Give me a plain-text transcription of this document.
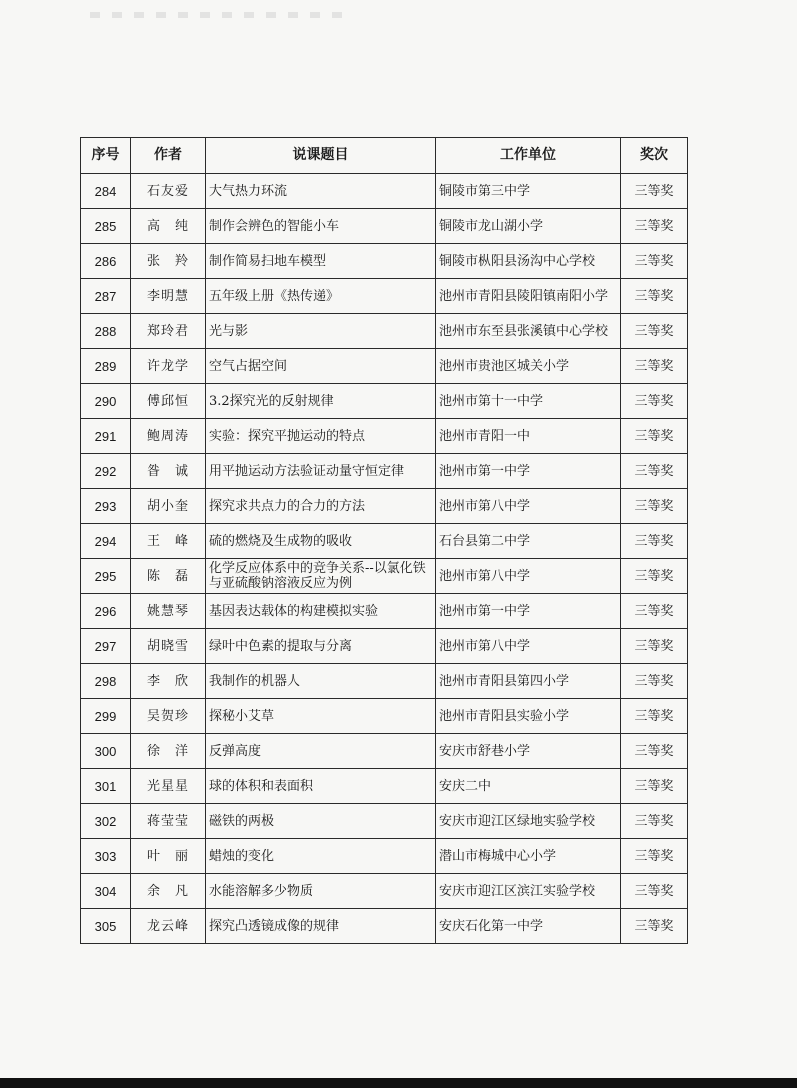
序号	作者	说课题目	工作单位	奖次
284	石友爱	大气热力环流	铜陵市第三中学	三等奖
285	高　纯	制作会辨色的智能小车	铜陵市龙山湖小学	三等奖
286	张　羚	制作简易扫地车模型	铜陵市枞阳县汤沟中心学校	三等奖
287	李明慧	五年级上册《热传递》	池州市青阳县陵阳镇南阳小学	三等奖
288	郑玲君	光与影	池州市东至县张溪镇中心学校	三等奖
289	许龙学	空气占据空间	池州市贵池区城关小学	三等奖
290	傅邱恒	3.2探究光的反射规律	池州市第十一中学	三等奖
291	鲍周涛	实验：探究平抛运动的特点	池州市青阳一中	三等奖
292	昝　诚	用平抛运动方法验证动量守恒定律	池州市第一中学	三等奖
293	胡小奎	探究求共点力的合力的方法	池州市第八中学	三等奖
294	王　峰	硫的燃烧及生成物的吸收	石台县第二中学	三等奖
295	陈　磊	化学反应体系中的竞争关系--以氯化铁与亚硫酸钠溶液反应为例	池州市第八中学	三等奖
296	姚慧琴	基因表达载体的构建模拟实验	池州市第一中学	三等奖
297	胡晓雪	绿叶中色素的提取与分离	池州市第八中学	三等奖
298	李　欣	我制作的机器人	池州市青阳县第四小学	三等奖
299	吴贺珍	探秘小艾草	池州市青阳县实验小学	三等奖
300	徐　洋	反弹高度	安庆市舒巷小学	三等奖
301	光星星	球的体积和表面积	安庆二中	三等奖
302	蒋莹莹	磁铁的两极	安庆市迎江区绿地实验学校	三等奖
303	叶　丽	蜡烛的变化	潜山市梅城中心小学	三等奖
304	余　凡	水能溶解多少物质	安庆市迎江区滨江实验学校	三等奖
305	龙云峰	探究凸透镜成像的规律	安庆石化第一中学	三等奖
